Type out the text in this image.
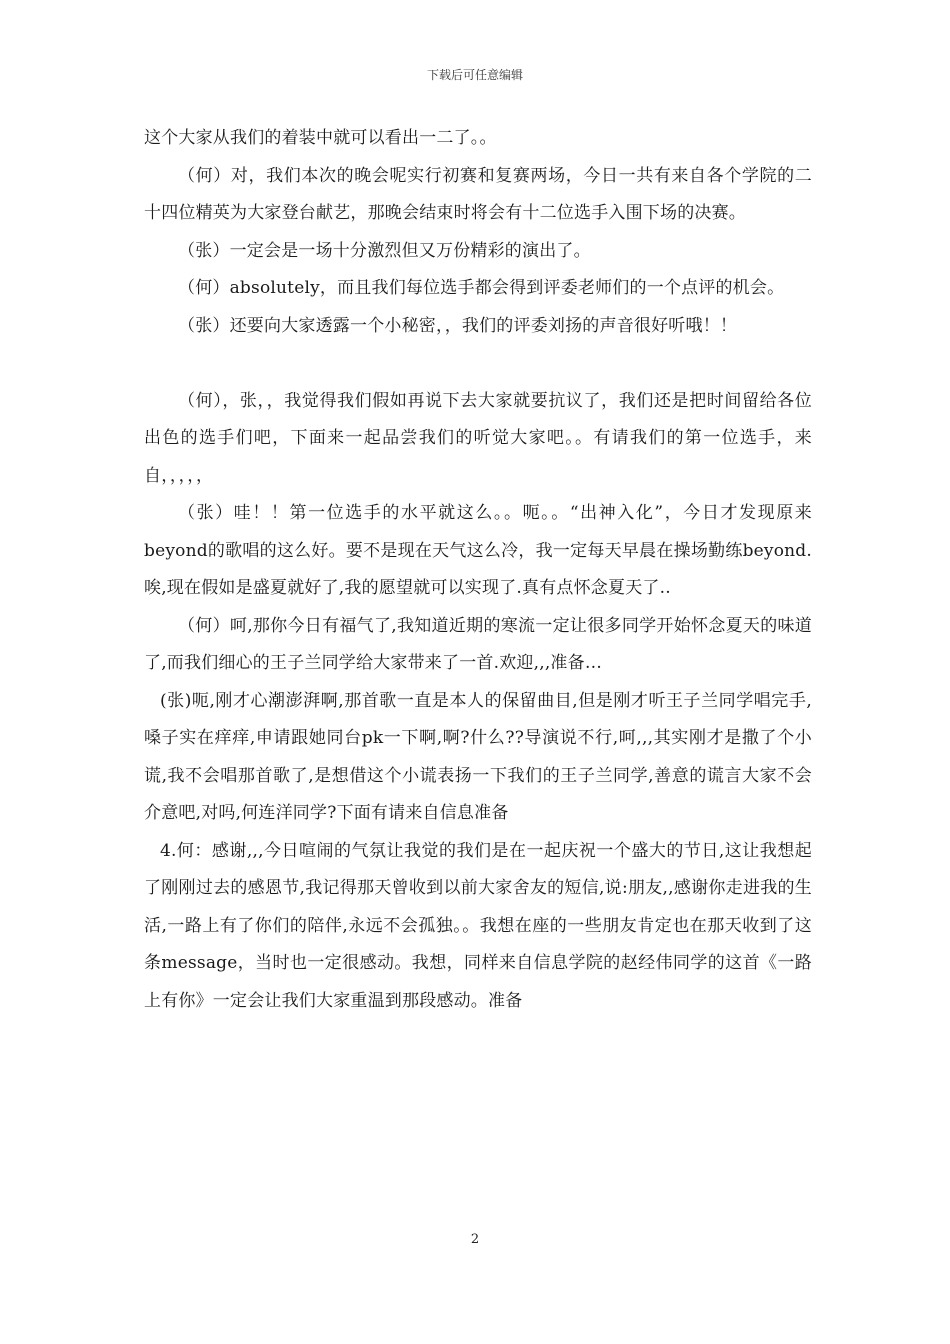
下载后可任意编辑

这个大家从我们的着装中就可以看出一二了。。

（何）对，我们本次的晚会呢实行初赛和复赛两场，今日一共有来自各个学院的二十四位精英为大家登台献艺，那晚会结束时将会有十二位选手入围下场的决赛。

（张）一定会是一场十分激烈但又万份精彩的演出了。

（何）absolutely，而且我们每位选手都会得到评委老师们的一个点评的机会。

（张）还要向大家透露一个小秘密，，我们的评委刘扬的声音很好听哦！！

（何），张，，我觉得我们假如再说下去大家就要抗议了，我们还是把时间留给各位出色的选手们吧，下面来一起品尝我们的听觉大家吧。。有请我们的第一位选手，来自，，，，，

（张）哇！！第一位选手的水平就这么。。呃。。“出神入化”，今日才发现原来beyond的歌唱的这么好。要不是现在天气这么冷，我一定每天早晨在操场勤练beyond.唉,现在假如是盛夏就好了,我的愿望就可以实现了.真有点怀念夏天了..

（何）呵,那你今日有福气了,我知道近期的寒流一定让很多同学开始怀念夏天的味道了,而我们细心的王子兰同学给大家带来了一首.欢迎,,,准备…

(张)呃,刚才心潮澎湃啊,那首歌一直是本人的保留曲目,但是刚才听王子兰同学唱完手,嗓子实在痒痒,申请跟她同台pk一下啊,啊?什么??导演说不行,呵,,,其实刚才是撒了个小谎,我不会唱那首歌了,是想借这个小谎表扬一下我们的王子兰同学,善意的谎言大家不会介意吧,对吗,何连洋同学?下面有请来自信息准备

4.何：感谢,,,今日喧闹的气氛让我觉的我们是在一起庆祝一个盛大的节日,这让我想起了刚刚过去的感恩节,我记得那天曾收到以前大家舍友的短信,说:朋友,,感谢你走进我的生活,一路上有了你们的陪伴,永远不会孤独。。我想在座的一些朋友肯定也在那天收到了这条message，当时也一定很感动。我想，同样来自信息学院的赵经伟同学的这首《一路上有你》一定会让我们大家重温到那段感动。准备

2
